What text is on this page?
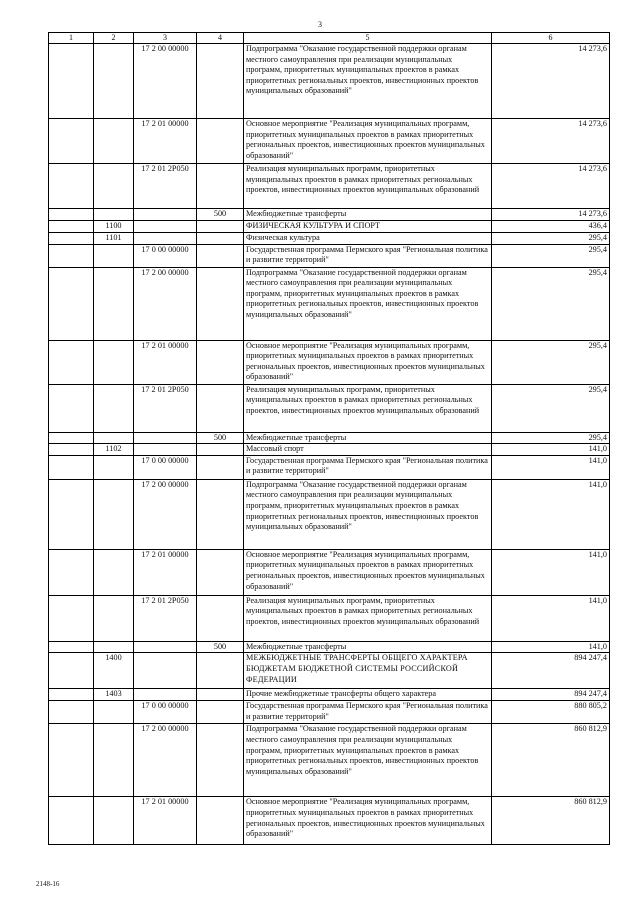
3
1	2	3	4	5	6
		17 2 00 00000		Подпрограмма "Оказание государственной поддержки органам местного самоуправления при реализации муниципальных программ, приоритетных муниципальных проектов в рамках приоритетных региональных проектов, инвестиционных проектов муниципальных образований"	14 273,6
		17 2 01 00000		Основное мероприятие "Реализация муниципальных программ, приоритетных муниципальных проектов в рамках приоритетных региональных проектов, инвестиционных проектов муниципальных образований"	14 273,6
		17 2 01 2Р050		Реализация муниципальных программ, приоритетных муниципальных проектов в рамках приоритетных региональных проектов, инвестиционных проектов муниципальных образований	14 273,6
			500	Межбюджетные трансферты	14 273,6
	1100			ФИЗИЧЕСКАЯ КУЛЬТУРА И СПОРТ	436,4
	1101			Физическая культура	295,4
		17 0 00 00000		Государственная программа Пермского края "Региональная политика и развитие территорий"	295,4
		17 2 00 00000		Подпрограмма "Оказание государственной поддержки органам местного самоуправления при реализации муниципальных программ, приоритетных муниципальных проектов в рамках приоритетных региональных проектов, инвестиционных проектов муниципальных образований"	295,4
		17 2 01 00000		Основное мероприятие "Реализация муниципальных программ, приоритетных муниципальных проектов в рамках приоритетных региональных проектов, инвестиционных проектов муниципальных образований"	295,4
		17 2 01 2Р050		Реализация муниципальных программ, приоритетных муниципальных проектов в рамках приоритетных региональных проектов, инвестиционных проектов муниципальных образований	295,4
			500	Межбюджетные трансферты	295,4
	1102			Массовый спорт	141,0
		17 0 00 00000		Государственная программа Пермского края "Региональная политика и развитие территорий"	141,0
		17 2 00 00000		Подпрограмма "Оказание государственной поддержки органам местного самоуправления при реализации муниципальных программ, приоритетных муниципальных проектов в рамках приоритетных региональных проектов, инвестиционных проектов муниципальных образований"	141,0
		17 2 01 00000		Основное мероприятие "Реализация муниципальных программ, приоритетных муниципальных проектов в рамках приоритетных региональных проектов, инвестиционных проектов муниципальных образований"	141,0
		17 2 01 2Р050		Реализация муниципальных программ, приоритетных муниципальных проектов в рамках приоритетных региональных проектов, инвестиционных проектов муниципальных образований	141,0
			500	Межбюджетные трансферты	141,0
	1400			МЕЖБЮДЖЕТНЫЕ ТРАНСФЕРТЫ ОБЩЕГО ХАРАКТЕРА БЮДЖЕТАМ БЮДЖЕТНОЙ СИСТЕМЫ РОССИЙСКОЙ ФЕДЕРАЦИИ	894 247,4
	1403			Прочие межбюджетные трансферты общего характера	894 247,4
		17 0 00 00000		Государственная программа Пермского края "Региональная политика и развитие территорий"	880 805,2
		17 2 00 00000		Подпрограмма "Оказание государственной поддержки органам местного самоуправления при реализации муниципальных программ, приоритетных муниципальных проектов в рамках приоритетных региональных проектов, инвестиционных проектов муниципальных образований"	860 812,9
		17 2 01 00000		Основное мероприятие "Реализация муниципальных программ, приоритетных муниципальных проектов в рамках приоритетных региональных проектов, инвестиционных проектов муниципальных образований"	860 812,9
2148-16
